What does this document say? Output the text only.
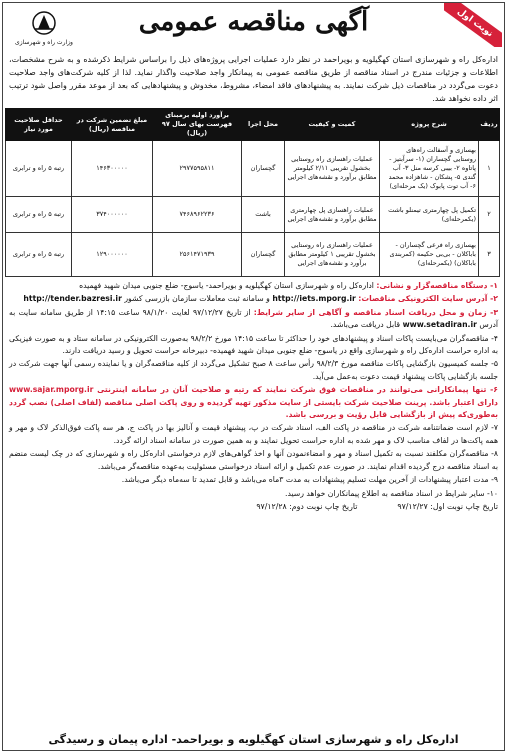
نوبت اول
آگهی مناقصه عمومی
وزارت راه و شهرسازی
اداره‌کل راه و شهرسازی استان کهگیلویه و بویراحمد در نظر دارد عملیات اجرایی پروژه‌های ذیل را براساس شرایط ذکرشده و به شرح مشخصات، اطلاعات و جزئیات مندرج در اسناد مناقصه از طریق مناقصه عمومی به پیمانکار واجد صلاحیت واگذار نماید. لذا از کلیه شرکت‌های واجد صلاحیت دعوت می‌گردد در مناقصات ذیل شرکت نمایند. به پیشنهادهای فاقد امضاء، مشروط، مخدوش و پیشنهادهایی که بعد از موعد مقرر واصل شود ترتیب اثر داده نخواهد شد.
ردیف	شرح پروژه	کمیت و کیفیت	محل اجرا	برآورد اولیه برمبنای فهرست بهای سال ۹۷ (ریال)	مبلغ تضمین شرکت در مناقصه (ریال)	حداقل صلاحیت مورد نیاز
۱	بهسازی و آسفالت راه‌های روستایی گچساران (۱- سرآبتیز - پاتاوه ۲- بیبی کرسه منل ۳- آب گندی ۵- پشکان - شاهزاده محمد ۶- آب توت پابوک (یک مرحله‌ای)	عملیات راهسازی راه روستایی بخشول تقریبی ۲/۱۱ کیلومتر مطابق برآورد و نقشه‌های اجرایی	گچساران	۲۹۷۷۵۹۵۸۱۱	۱۴۶۳۰۰۰۰۰	رتبه ۵ راه و ترابری
۲	تکمیل پل چهارمتری تیمنلو باشت (یکمرحله‌ای)	عملیات راهسازی پل چهارمتری مطابق برآورد و نقشه‌های اجرایی	باشت	۷۴۶۸۹۶۲۲۳۶	۳۷۴۰۰۰۰۰۰	رتبه ۵ راه و ترابری
۳	بهسازی راه فرعی گچساران - باباکلان - بی‌بی حکیمه (کمربندی باباکلان) (یکمرحله‌ای)	عملیات راهسازی راه روستایی بخشول تقریبی ۱ کیلومتر مطابق برآورد و نقشه‌های اجرایی	گچساران	۲۵۶۱۴۷۱۹۳۹	۱۲۹۰۰۰۰۰۰	رتبه ۵ راه و ترابری
۱- دستگاه مناقصه‌گزار و نشانی: اداره‌کل راه و شهرسازی استان کهگیلویه و بویراحمد- یاسوج- ضلع جنوبی میدان شهید فهمیده
۲- آدرس سایت الکترونیکی مناقصات: http://iets.mporg.ir و سامانه ثبت معاملات سازمان بازرسی کشور http://tender.bazresi.ir
۳- زمان و محل دریافت اسناد مناقصه و آگاهی از سایر شرایط: از تاریخ ۹۷/۱۲/۲۷ لغایت ۹۸/۱/۲۰ ساعت ۱۴:۱۵ از طریق سامانه سایت به آدرس www.setadiran.ir قابل دریافت می‌باشد.
۴- مناقصه‌گران می‌بایست پاکات اسناد و پیشنهادهای خود را حداکثر تا ساعت ۱۴:۱۵ مورخ ۹۸/۲/۲ به‌صورت الکترونیکی در سامانه ستاد و به صورت فیزیکی به اداره حراست اداره‌کل راه و شهرسازی واقع در یاسوج- ضلع جنوبی میدان شهید فهمیده- دبیرخانه حراست تحویل و رسید دریافت دارند.
۵- جلسه کمیسیون بازگشایی پاکات مناقصه مورخ ۹۸/۲/۳ رأس ساعت ۸ صبح تشکیل می‌گردد از کلیه مناقصه‌گران و یا نماینده رسمی آنها جهت شرکت در جلسه بازگشایی پاکات پیشنهاد قیمت دعوت به‌عمل می‌آید.
۶- تنها پیمانکارانی می‌توانند در مناقصات فوق شرکت نمایند که رتبه و صلاحیت آنان در سامانه اینترنتی www.sajar.mporg.ir دارای اعتبار باشد. پرینت صلاحیت شرکت بایستی از سایت مذکور تهیه گردیده و روی پاکت اصلی مناقصه (لفاف اصلی) نصب گردد به‌طوری‌که پیش از بازگشایی قابل رؤیت و بررسی باشد.
۷- لازم است ضمانتنامه شرکت در مناقصه در پاکت الف، اسناد شرکت در پ، پیشنهاد قیمت و آنالیز بها در پاکت ج، هر سه پاکت فوق‌الذکر لاک و مهر و همه پاکت‌ها در لفاف مناسب لاک و مهر شده به اداره حراست تحویل نمایند و به همین صورت در سامانه اسناد ارائه گردد.
۸- مناقصه‌گران مکلفند نسبت به تکمیل اسناد و مهر و امضاءنمودن آنها و اخذ گواهی‌های لازم درخواستی اداره‌کل راه و شهرسازی که در چک لیست منضم به اسناد مناقصه درج گردیده اقدام نمایند. در صورت عدم تکمیل و ارائه اسناد درخواستی مسئولیت به‌عهده مناقصه‌گر می‌باشد.
۹- مدت اعتبار پیشنهادات از آخرین مهلت تسلیم پیشنهادات به مدت ۳ماه می‌باشد و قابل تمدید تا سه‌ماه دیگر می‌باشد.
۱۰- سایر شرایط در اسناد مناقصه به اطلاع پیمانکاران خواهد رسید.
تاریخ چاپ نوبت اول: ۹۷/۱۲/۲۷
تاریخ چاپ نوبت دوم: ۹۷/۱۲/۲۸
اداره‌کل راه و شهرسازی استان کهگیلویه و بویراحمد- اداره پیمان و رسیدگی
